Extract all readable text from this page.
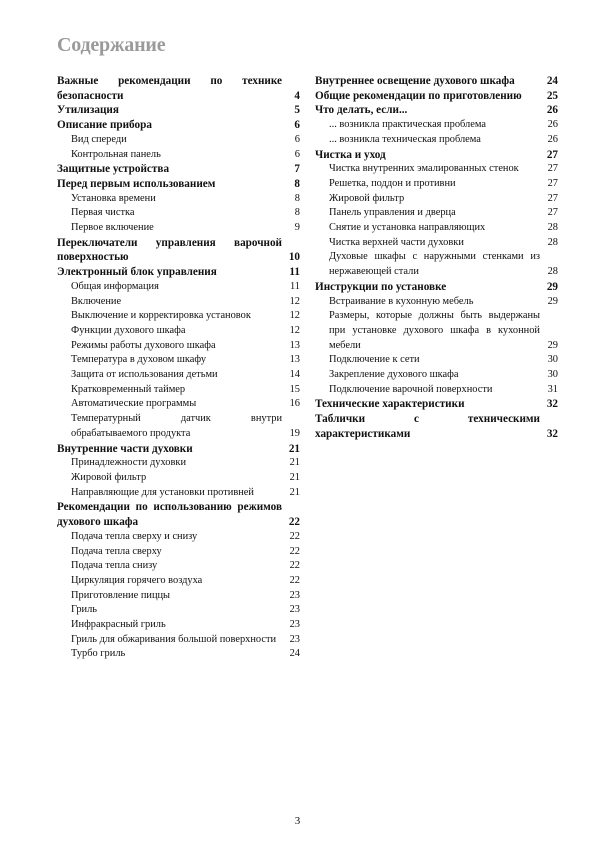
Содержание
Важные рекомендации по технике безопасности	4
Утилизация	5
Описание прибора	6
Вид спереди	6
Контрольная панель	6
Защитные устройства	7
Перед первым использованием	8
Установка времени	8
Первая чистка	8
Первое включение	9
Переключатели управления варочной поверхностью	10
Электронный блок управления	11
Общая информация	11
Включение	12
Выключение и корректировка установок	12
Функции духового шкафа	12
Режимы работы духового шкафа	13
Температура в духовом шкафу	13
Защита от использования детьми	14
Кратковременный таймер	15
Автоматические программы	16
Температурный датчик внутри обрабатываемого продукта	19
Внутренние части духовки	21
Принадлежности духовки	21
Жировой фильтр	21
Направляющие для установки противней	21
Рекомендации по использованию режимов духового шкафа	22
Подача тепла сверху и снизу	22
Подача тепла сверху	22
Подача тепла снизу	22
Циркуляция горячего воздуха	22
Приготовление пиццы	23
Гриль	23
Инфракрасный гриль	23
Гриль для обжаривания большой поверхности 23
Турбо гриль	24
Внутреннее освещение духового шкафа	24
Общие рекомендации по приготовлению	25
Что делать, если...	26
... возникла практическая проблема	26
... возникла техническая проблема	26
Чистка и уход	27
Чистка внутренних эмалированных стенок	27
Решетка, поддон и противни	27
Жировой фильтр	27
Панель управления и дверца	27
Снятие и установка направляющих	28
Чистка верхней части духовки	28
Духовые шкафы с наружными стенками из нержавеющей стали	28
Инструкции по установке	29
Встраивание в кухонную мебель	29
Размеры, которые должны быть выдержаны при установке духового шкафа в кухонной мебели	29
Подключение к сети	30
Закрепление духового шкафа	30
Подключение варочной поверхности	31
Технические характеристики	32
Таблички с техническими характеристиками	32
3
